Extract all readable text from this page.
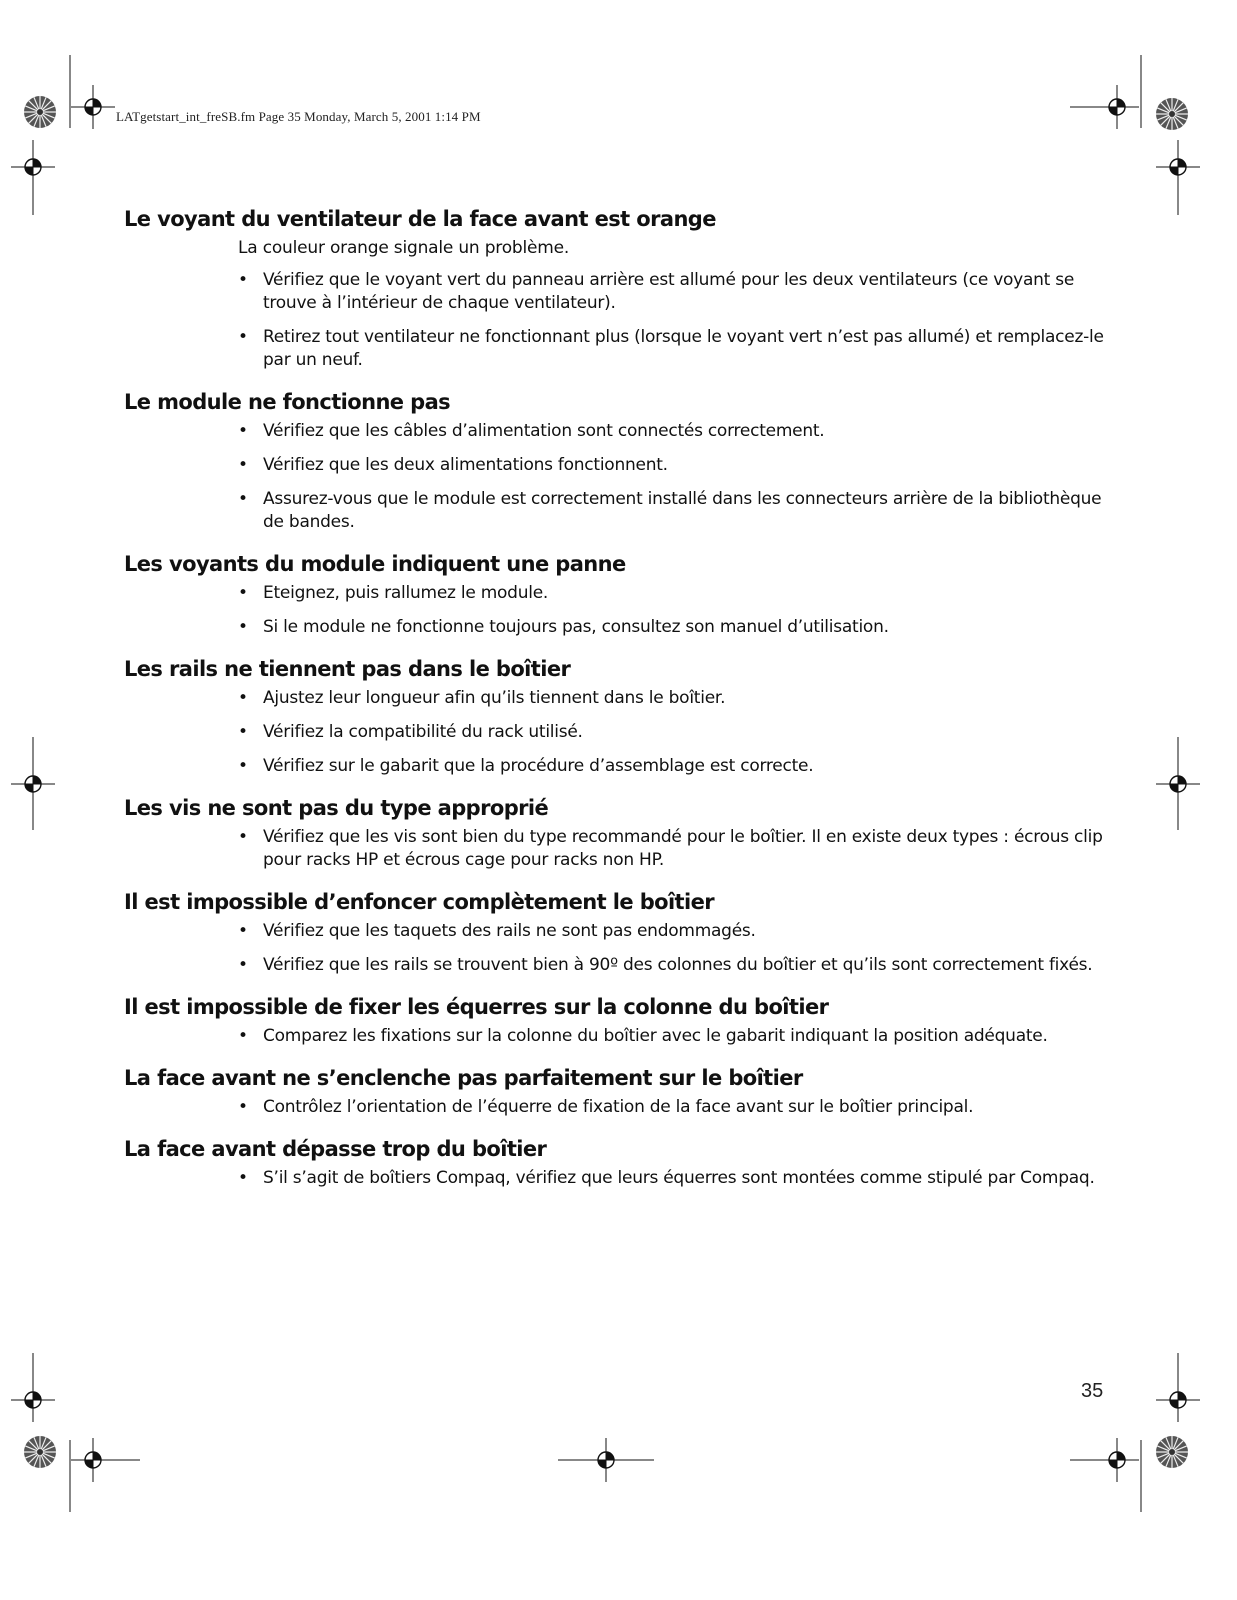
LATgetstart_int_freSB.fm Page 35 Monday, March 5, 2001 1:14 PM
Le voyant du ventilateur de la face avant est orange
La couleur orange signale un problème.
• Vérifiez que le voyant vert du panneau arrière est allumé pour les deux ventilateurs (ce voyant se trouve à l’intérieur de chaque ventilateur).
• Retirez tout ventilateur ne fonctionnant plus (lorsque le voyant vert n’est pas allumé) et remplacez-le par un neuf.
Le module ne fonctionne pas
• Vérifiez que les câbles d’alimentation sont connectés correctement.
• Vérifiez que les deux alimentations fonctionnent.
• Assurez-vous que le module est correctement installé dans les connecteurs arrière de la bibliothèque de bandes.
Les voyants du module indiquent une panne
• Eteignez, puis rallumez le module.
• Si le module ne fonctionne toujours pas, consultez son manuel d’utilisation.
Les rails ne tiennent pas dans le boîtier
• Ajustez leur longueur afin qu’ils tiennent dans le boîtier.
• Vérifiez la compatibilité du rack utilisé.
• Vérifiez sur le gabarit que la procédure d’assemblage est correcte.
Les vis ne sont pas du type approprié
• Vérifiez que les vis sont bien du type recommandé pour le boîtier. Il en existe deux types : écrous clip pour racks HP et écrous cage pour racks non HP.
Il est impossible d’enfoncer complètement le boîtier
• Vérifiez que les taquets des rails ne sont pas endommagés.
• Vérifiez que les rails se trouvent bien à 90º des colonnes du boîtier et qu’ils sont correctement fixés.
Il est impossible de fixer les équerres sur la colonne du boîtier
• Comparez les fixations sur la colonne du boîtier avec le gabarit indiquant la position adéquate.
La face avant ne s’enclenche pas parfaitement sur le boîtier
• Contrôlez l’orientation de l’équerre de fixation de la face avant sur le boîtier principal.
La face avant dépasse trop du boîtier
• S’il s’agit de boîtiers Compaq, vérifiez que leurs équerres sont montées comme stipulé par Compaq.
35
